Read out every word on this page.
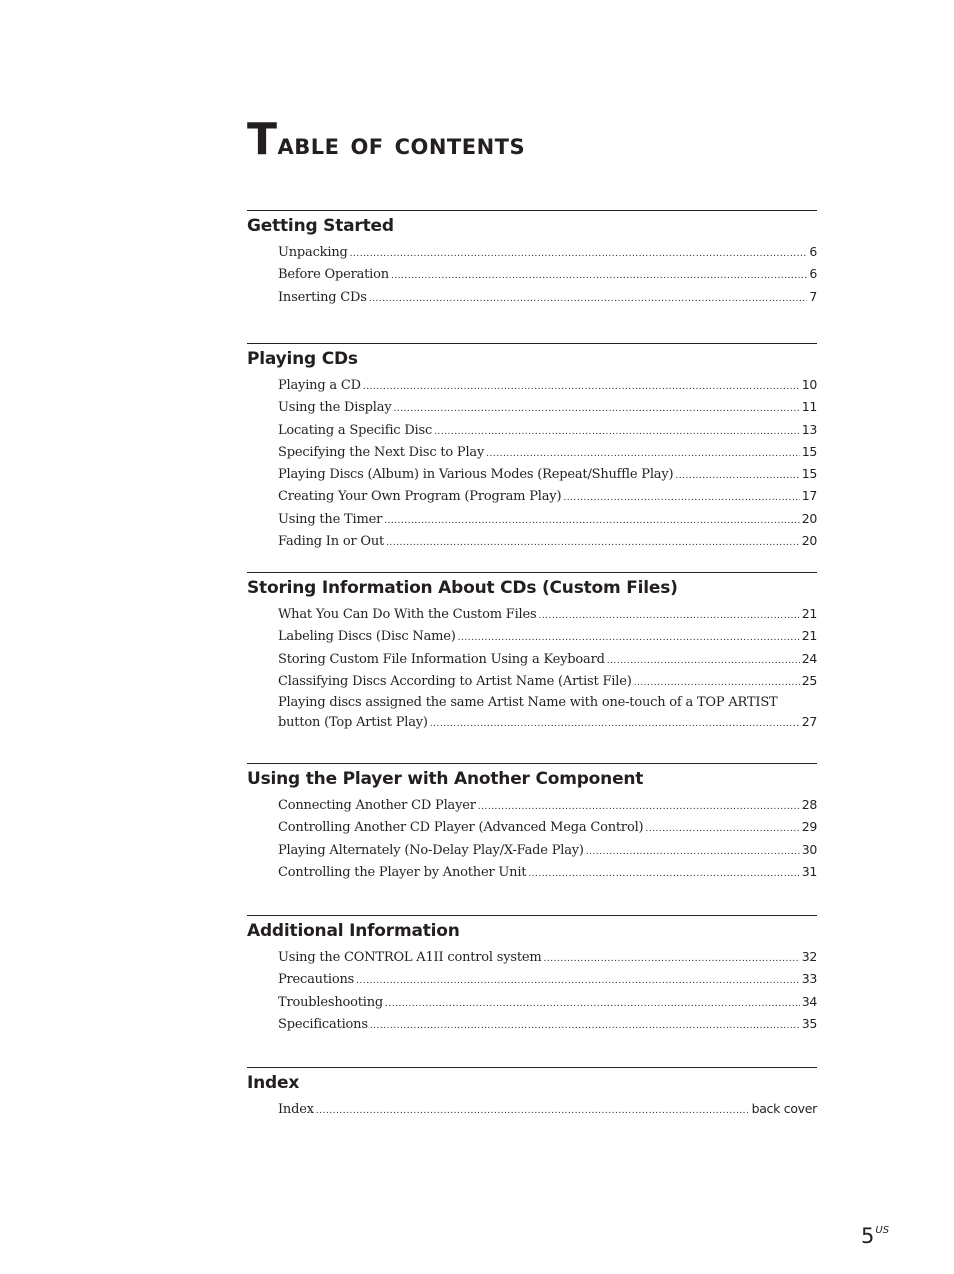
Table of contents
Getting Started
Unpacking .....	6
Before Operation .....	6
Inserting CDs .....	7
Playing CDs
Playing a CD .....	10
Using the Display .....	11
Locating a Specific Disc .....	13
Specifying the Next Disc to Play .....	15
Playing Discs (Album) in Various Modes (Repeat/Shuffle Play) .....	15
Creating Your Own Program (Program Play) .....	17
Using the Timer .....	20
Fading In or Out .....	20
Storing Information About CDs (Custom Files)
What You Can Do With the Custom Files .....	21
Labeling Discs (Disc Name) .....	21
Storing Custom File Information Using a Keyboard .....	24
Classifying Discs According to Artist Name (Artist File) .....	25
Playing discs assigned the same Artist Name with one-touch of a TOP ARTIST
button (Top Artist Play) .....	27
Using the Player with Another Component
Connecting Another CD Player .....	28
Controlling Another CD Player (Advanced Mega Control) .....	29
Playing Alternately (No-Delay Play/X-Fade Play) .....	30
Controlling the Player by Another Unit .....	31
Additional Information
Using the CONTROL A1II control system .....	32
Precautions .....	33
Troubleshooting .....	34
Specifications .....	35
Index
Index .....	back cover
$5^{US}$
